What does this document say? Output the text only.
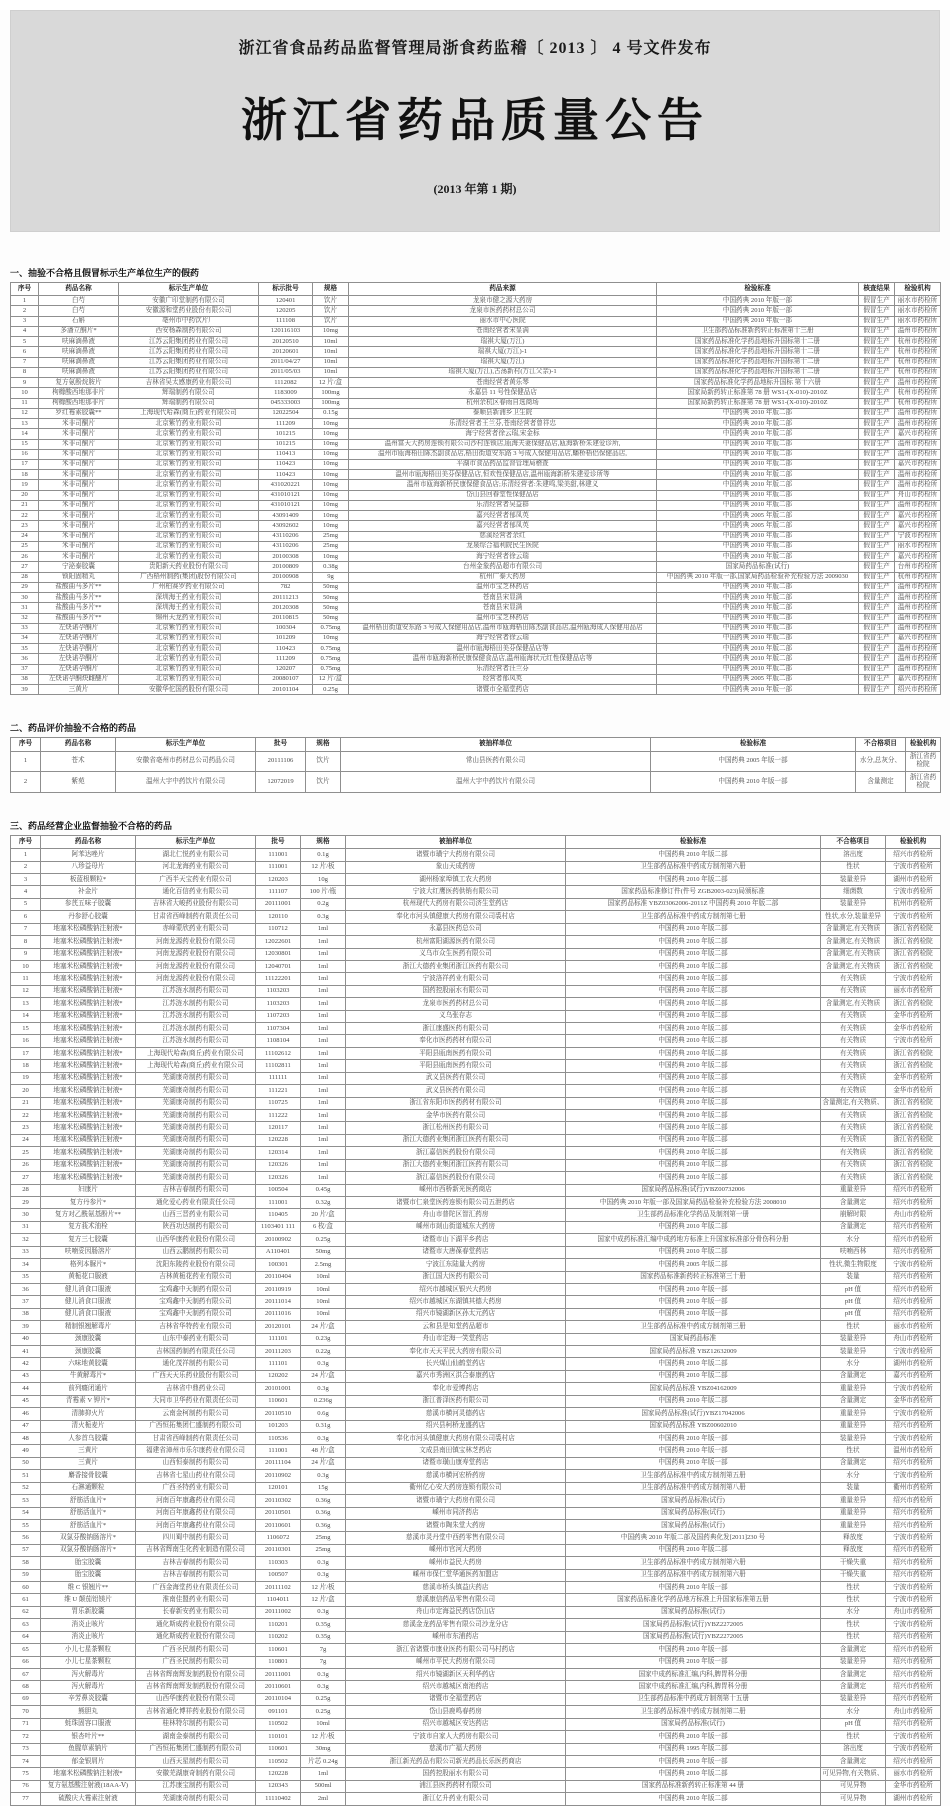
浙江省食品药品监督管理局浙食药监稽〔 2013 〕 4 号文件发布
浙江省药品质量公告
(2013 年第 1 期)
一、抽验不合格且假冒标示生产单位生产的假药
序号	药品名称	标示生产单位	标示批号	规格	药品来源	检验标准	核查结果	检验机构
1	白芍	安徽广印堂制药有限公司	120401	饮片	龙泉市健之源大药房	中国药典 2010 年版一部	假冒生产	丽水市药检所
2	白芍	安徽源和堂药业股份有限公司	120205	饮片	龙泉市医药药材总公司	中国药典 2010 年版一部	假冒生产	丽水市药检所
3	石斛	亳州市中药饮片厂	111108	饮片	丽水市中心医院	中国药典 2010 年版一部	假冒生产	丽水市药检所
4	多潘立酮片*	西安杨森制药有限公司	120116103	10mg	苍南经营者宋显满	卫生部药品标准新药转正标准第十三册	假冒生产	温州市药检所
5	呋麻滴鼻液	江苏云阳集团药业有限公司	20120510	10ml	瑞祺大厦(万江)	国家药品标准化学药品地标升国标第十二册	假冒生产	杭州市药检所
6	呋麻滴鼻液	江苏云阳集团药业有限公司	20120601	10ml	瑞祺大厦(万江)-1	国家药品标准化学药品地标升国标第十二册	假冒生产	杭州市药检所
7	呋麻滴鼻液	江苏云阳集团药业有限公司	2011/04/27	10ml	瑞祺大厦(万江)	国家药品标准化学药品地标升国标第十二册	假冒生产	杭州市药检所
8	呋麻滴鼻液	江苏云阳集团药业有限公司	2011/05/03	10ml	瑞祺大厦(万江),古荡新村(万江父亲)-1	国家药品标准化学药品地标升国标第十二册	假冒生产	杭州市药检所
9	复方氨酚烷胺片	吉林省吴太感康药业有限公司	1112082	12 片/盒	苍南经营者黄乐琴	国家药品标准化学药品地标升国标 第十六册	假冒生产	温州市药检所
10	枸橼酸西地那非片	辉瑞制药有限公司	1183009	100mg	永嘉县 11 号性保健品店	国家局新药转正标准第 78 册 WS1-(X-010)-2010Z	假冒生产	杭州市药检所
11	枸橼酸西地那非片	辉瑞制药有限公司	045333003	100mg	杭州余杭区春雨自选商场	国家局新药转正标准第 78 册 WS1-(X-010)-2010Z	假冒生产	杭州市药检所
12	罗红霉素胶囊**	上海现代哈森(商丘)药业有限公司	12022504	0.15g	泰顺县新浦乡卫生院	中国药典 2010 年版二部	假冒生产	温州市药检所
13	米非司酮片	北京紫竹药业有限公司	111209	10mg	乐清经营者王兰芬,苍南经营者曾祥忠	中国药典 2010 年版二部	假冒生产	温州市药检所
14	米非司酮片	北京紫竹药业有限公司	101215	10mg	海宁经营者徐云瑞,宋金标	中国药典 2010 年版二部	假冒生产	嘉兴市药检所
15	米非司酮片	北京紫竹药业有限公司	101215	10mg	温州富天大药房连锁有限公司沙村连锁店,瓯海夫妻保健品店,瓯海新桥朱建爱诊所,	中国药典 2010 年版二部	假冒生产	温州市药检所
16	米非司酮片	北京紫竹药业有限公司	110413	10mg	温州市瓯海梧田陈杰副食品店,梧田街道安东路 3 号成人保健用品店,蟠桥梧侣保健品店,	中国药典 2010 年版二部	假冒生产	温州市药检所
17	米非司酮片	北京紫竹药业有限公司	110423	10mg	平湖市食品药品监督管理局稽查	中国药典 2010 年版二部	假冒生产	嘉兴市药检所
18	米非司酮片	北京紫竹药业有限公司	110423	10mg	温州市瓯海梧田美芬保健品店,恒欢性保健品店,温州瓯海新桥朱建爱诊所等	中国药典 2010 年版二部	假冒生产	温州市药检所
19	米非司酮片	北京紫竹药业有限公司	431020221	10mg	温州市瓯海新桥民康保健食品店;乐清经营者:朱建鸣,梁美甜,林建义	中国药典 2010 年版二部	假冒生产	温州市药检所
20	米非司酮片	北京紫竹药业有限公司	431010121	10mg	岱山县回春堂性保健品店	中国药典 2010 年版二部	假冒生产	舟山市药检所
21	米非司酮片	北京紫竹药业有限公司	431010121	10mg	乐清经营者吴益群	中国药典 2010 年版二部	假冒生产	温州市药检所
22	米非司酮片	北京紫竹药业有限公司	43091409	10mg	嘉兴经营者郁凤英	中国药典 2005 年版二部	假冒生产	嘉兴市药检所
23	米非司酮片	北京紫竹药业有限公司	43092602	10mg	嘉兴经营者郁凤英	中国药典 2005 年版二部	假冒生产	嘉兴市药检所
24	米非司酮片	北京紫竹药业有限公司	43110206	25mg	慈溪经营者余红	中国药典 2010 年版二部	假冒生产	宁波市药检所
25	米非司酮片	北京紫竹药业有限公司	43110206	25mg	龙泉综合福利院民生医院	中国药典 2010 年版二部	假冒生产	丽水市药检所
26	米非司酮片	北京紫竹药业有限公司	20100308	10mg	海宁经营者徐云瑞	中国药典 2010 年版二部	假冒生产	嘉兴市药检所
27	宁泌泰胶囊	贵阳新天药业股份有限公司	20100809	0.38g	台州金象药品超市有限公司	国家局药品标准(试行)	假冒生产	台州市药检所
28	锁阳固精丸	广西梧州制药(集团)股份有限公司	20100908	9g	杭州广泰大药房	中国药典 2010 年版一部,国家局药品检验补充检验方法 2009030	假冒生产	杭州市药检所
29	盐酸曲马多片**	广州柏赛罗药业有限公司	782	50mg	温州市宝芝林药店	中国药典 2010 年版二部	假冒生产	温州市药检所
30	盐酸曲马多片**	深圳海王药业有限公司	20111213	50mg	苍南县宋显满	中国药典 2010 年版二部	假冒生产	温州市药检所
31	盐酸曲马多片**	深圳海王药业有限公司	20120308	50mg	苍南县宋显满	中国药典 2010 年版二部	假冒生产	温州市药检所
32	盐酸曲马多片**	锦州天龙药业有限公司	20110815	50mg	温州市宝芝林药店	中国药典 2010 年版二部	假冒生产	温州市药检所
33	左炔诺孕酮片	北京紫竹药业有限公司	100304	0.75mg	温州梧田街道安东路 3 号成人保健用品店,温州市瓯海梧田陈杰副食品店,温州瓯海成人保健用品店	中国药典 2010 年版二部	假冒生产	温州市药检所
34	左炔诺孕酮片	北京紫竹药业有限公司	101209	10mg	海宁经营者徐云瑞	中国药典 2010 年版二部	假冒生产	嘉兴市药检所
35	左炔诺孕酮片	北京紫竹药业有限公司	110423	0.75mg	温州市瓯海梧田美芬保健品店等	中国药典 2010 年版二部	假冒生产	温州市药检所
36	左炔诺孕酮片	北京紫竹药业有限公司	111209	0.75mg	温州市瓯海新桥民康保健食品店,温州瓯海状元红性保健品店等	中国药典 2010 年版二部	假冒生产	温州市药检所
37	左炔诺孕酮片	北京紫竹药业有限公司	120207	0.75mg	乐清经营者汪兰芬	中国药典 2010 年版二部	假冒生产	温州市药检所
38	左炔诺孕酮炔雌醚片	北京紫竹药业有限公司	20080107	12 片/盒	经营者郁凤英	中国药典 2005 年版二部	假冒生产	嘉兴市药检所
39	三黄片	安徽华佗国药股份有限公司	20101104	0.25g	诸暨市全福堂药店	中国药典 2010 年版一部	假冒生产	绍兴市药检所
二、药品评价抽验不合格的药品
序号	药品名称	标示生产单位	批号	规格	被抽样单位	检验标准	不合格项目	检验机构
1	苍术	安徽省亳州市药材总公司药品公司	20111106	饮片	常山县医药有限公司	中国药典 2005 年版一部	水分,总灰分、	浙江省药检院
2	紫苑	温州大宇中药饮片有限公司	12072019	饮片	温州大宇中药饮片有限公司	中国药典 2010 年版一部	含量测定	浙江省药检院
三、药品经营企业监督抽验不合格的药品
序号	药品名称	标示生产单位	批号	规格	被抽样单位	检验标准	不合格项目	检验机构
1	阿苯达唑片	湖北仁悦药业有限公司	111001	0.1g	诸暨市璜宁大药房有限公司	中国药典 2010 年版二部	溶出度	绍兴市药检所
2	八珍益母片	河北龙海药业有限公司	111001	12 片/板	象山天成药房	卫生部药品标准中药成方制剂第六册	性状	宁波市药检所
3	板蓝根颗粒*	广西半天宝药业有限公司	120203	10g	湖州杨家埠镇工农大药房	中国药典 2010 年版二部	装量差异	湖州市药检所
4	补金片	通化百信药业有限公司	111107	100 片/瓶	宁波大红鹰医药供销有限公司	国家药品标准修订件(件号 ZGB2003-023)局颁标准	细菌数	宁波市药检所
5	参芪五味子胶囊	吉林省大峻药业股份有限公司	20111001	0.2g	杭州现代大药房有限公司济生堂药店	国家药品标准 YBZ03062006-2011Z 中国药典 2010 年版二部	装量差异	杭州市药检所
6	丹参舒心胶囊	甘肃省西峰制药有限责任公司	120110	0.3g	奉化市河头镇健康大药房有限公司裘村店	卫生部药品标准中药成方制剂第七册	性状,水分,装量差异	宁波市药检所
7	地塞米松磷酸钠注射液*	赤峰蒙欣药业有限公司	110712	1ml	永嘉县医药总公司	中国药典 2010 年版二部	含量测定,有关物质	浙江省药检院
8	地塞米松磷酸钠注射液*	河南龙源药业股份有限公司	12022601	1ml	杭州富阳湖源医药有限公司	中国药典 2010 年版二部	含量测定,有关物质	浙江省药检院
9	地塞米松磷酸钠注射液*	河南龙源药业股份有限公司	12030801	1ml	义乌市众生医药有限公司	中国药典 2010 年版二部	含量测定,有关物质	浙江省药检院
10	地塞米松磷酸钠注射液*	河南龙源药业股份有限公司	12040701	1ml	浙江大德药业集团浙江医药有限公司	中国药典 2010 年版二部	含量测定,有关物质	浙江省药检院
11	地塞米松磷酸钠注射液*	河南龙源药业股份有限公司	11122201	1ml	宁波洛祥药业有限公司	中国药典 2010 年版二部	有关物质	宁波市药检所
12	地塞米松磷酸钠注射液*	江苏涟水制药有限公司	1103203	1ml	国药控股丽水有限公司	中国药典 2010 年版二部	有关物质	丽水市药检所
13	地塞米松磷酸钠注射液*	江苏涟水制药有限公司	1103203	1ml	龙泉市医药药材总公司	中国药典 2010 年版二部	含量测定,有关物质	浙江省药检院
14	地塞米松磷酸钠注射液*	江苏涟水制药有限公司	1107203	1ml	义乌张存志	中国药典 2010 年版二部	有关物质	金华市药检所
15	地塞米松磷酸钠注射液*	江苏涟水制药有限公司	1107304	1ml	浙江康盛医药有限公司	中国药典 2010 年版二部	有关物质	金华市药检所
16	地塞米松磷酸钠注射液*	江苏涟水制药有限公司	1108104	1ml	奉化市医药药材有限公司	中国药典 2010 年版二部	有关物质	宁波市药检所
17	地塞米松磷酸钠注射液*	上海现代哈森(商丘)药业有限公司	11102612	1ml	平阳县瓯南医药有限公司	中国药典 2010 年版二部	有关物质	浙江省药检院
18	地塞米松磷酸钠注射液*	上海现代哈森(商丘)药业有限公司	11102811	1ml	平阳县瓯南医药有限公司	中国药典 2010 年版二部	有关物质	浙江省药检院
19	地塞米松磷酸钠注射液*	芜湖康奇制药有限公司	111111	1ml	武义县医药有限公司	中国药典 2010 年版二部	有关物质	金华市药检所
20	地塞米松磷酸钠注射液*	芜湖康奇制药有限公司	111221	1ml	武义县医药有限公司	中国药典 2010 年版二部	有关物质	金华市药检所
21	地塞米松磷酸钠注射液*	芜湖康奇制药有限公司	110725	1ml	浙江省东阳市医药药材有限公司	中国药典 2010 年版二部	含量测定,有关物质、	浙江省药检院
22	地塞米松磷酸钠注射液*	芜湖康奇制药有限公司	111222	1ml	金华市医药有限公司	中国药典 2010 年版二部	有关物质	浙江省药检院
23	地塞米松磷酸钠注射液*	芜湖康奇制药有限公司	120117	1ml	浙江松州医药有限公司	中国药典 2010 年版二部	有关物质	浙江省药检院
24	地塞米松磷酸钠注射液*	芜湖康奇制药有限公司	120228	1ml	浙江大德药业集团浙江医药有限公司	中国药典 2010 年版二部	有关物质	浙江省药检院
25	地塞米松磷酸钠注射液*	芜湖康奇制药有限公司	120314	1ml	浙江嘉信医药股份有限公司	中国药典 2010 年版二部	有关物质	浙江省药检院
26	地塞米松磷酸钠注射液*	芜湖康奇制药有限公司	120326	1ml	浙江大德药业集团浙江医药有限公司	中国药典 2010 年版二部	有关物质	浙江省药检院
27	地塞米松磷酸钠注射液*	芜湖康奇制药有限公司	120326	1ml	浙江嘉信医药股份有限公司	中国药典 2010 年版二部	有关物质	浙江省药检院
28	妇康片	吉林吉春制药有限公司	100504	0.45g	嵊州市西桥新光医药商店	国家局药品标准(试行)YBZ00732006	重量差异	绍兴市药检所
29	复方丹参片*	通化爱心药业有限责任公司	111001	0.32g	诸暨市仁泉堂医药连锁有限公司五泄药店	中国药典 2010 年版一部及国家局药品检验补充检验方法 2008010	含量测定	绍兴市药检所
30	复方对乙酰氨基酚片**	山西三晋药业有限公司	110405	20 片/盒	舟山市普陀区智汇药房	卫生部药品标准化学药品及制剂第一册	崩解时限	舟山市药检所
31	复方莪术油栓	陕西功达制药有限公司	1103401 111	6 枚/盒	嵊州市剡山街道城东大药房	中国药典 2010 年版二部	含量测定	绍兴市药检所
32	复方三七胶囊	山西华康药业股份有限公司	20100902	0.25g	诸暨市山下湖平乡药店	国家中成药标准汇编中成药地方标准上升国家标准部分骨伤科分册	水分	绍兴市药检所
33	呋喃妥因肠溶片	山西云鹏制药有限公司	A110401	50mg	诸暨市大唐葆春堂药店	中国药典 2010 年版二部	呋喃西林	绍兴市药检所
34	格列本脲片*	沈阳东陵药业股份有限公司	100301	2.5mg	宁波江东陆量大药房	中国药典 2005 年版二部	性状,微生物限度	宁波市药检所
35	黄栀花口服液	吉林黄栀花药业有限公司	20110404	10ml	浙江国大医药有限公司	国家药品标准新药转正标准第三十册	装量	绍兴市药检所
36	健儿消食口服液	宝鸡鑫中天制药有限公司	20110919	10ml	绍兴市越城区银兴大药房	中国药典 2010 年版一部	pH 值	绍兴市药检所
37	健儿消食口服液	宝鸡鑫中天制药有限公司	20111014	10ml	绍兴市越城区东湖镇其德大药房	中国药典 2010 年版一部	pH 值	绍兴市药检所
38	健儿消食口服液	宝鸡鑫中天制药有限公司	20111016	10ml	绍兴市镜湖新区孙太元药店	中国药典 2010 年版一部	pH 值	绍兴市药检所
39	精制银翘解毒片	吉林省华特药业有限公司	20120101	24 片/盒	云和县是知堂药品超市	卫生部药品标准中药成方制剂第三册	性状	丽水市药检所
40	颈康胶囊	山东中泰药业有限公司	111101	0.23g	舟山市定海一笑堂药店	国家局药品标准	装量差异	舟山市药检所
41	颈康胶囊	吉林国药制药有限责任公司	20111203	0.22g	奉化市天天平民大药房有限公司	国家局药品标准 YBZ12632009	装量差异	宁波市药检所
42	六味地黄胶囊	通化茂祥制药有限公司	111101	0.3g	长兴煤山仙鹤堂药店	中国药典 2010 年版二部	水分	湖州市药检所
43	牛黄解毒片*	广西天天乐药业股份有限公司	120202	24 片/盒	嘉兴市秀洲区洪合泰康药店	中国药典 2010 年版二部	含量测定	嘉兴市药检所
44	前列癃闭通片	吉林省中鼎药业公司	20101001	0.3g	奉化市爱博药店	国家局药品标准 YBZ04162009	重量差异	宁波市药检所
45	青霉素 V 钾片*	大同市卫华药业有限责任公司	110601	0.236g	浙江普泽医药有限公司	中国药典 2010 年版二部	含量测定	金华市药检所
46	清肺抑火片	云南金柯制药有限公司	20110510	0.6g	慈溪市横河灵德药店	国家局药品标准(试行)YBZ17042006	重量差异	宁波市药检所
47	清火栀麦片	广西恒拓集团仁盛制药有限公司	101203	0.31g	绍兴县柯桥龙盛药店	国家局药品标准 YBZ00602010	重量差异	绍兴市药检所
48	人参首乌胶囊	甘肃省西峰制药有限责任公司	110536	0.3g	奉化市河头镇健康大药房有限公司裘村店	中国药典 2010 年版一部	装量差异	宁波市药检所
49	三黄片	福建省漳州市乐尔康药业有限公司	111001	48 片/盒	文成县南田镇宝林芝药店	中国药典 2010 年版一部	性状	温州市药检所
50	三黄片	山西恒泰制药有限公司	20111104	24 片/盒	诸暨市璜山康寿堂药店	中国药典 2010 年版一部	含量测定	绍兴市药检所
51	麝香接骨胶囊	吉林省七星山药业有限公司	20110902	0.3g	慈溪市横河宏桥药房	卫生部药品标准中药成方制剂第五册	水分	宁波市药检所
52	石淋通颗粒	广西圣特药业有限公司	120101	15g	衢州亿心安大药房连锁有限公司	卫生部药品标准中药成方制剂第八册	装量	衢州市药检所
53	舒筋活血片*	河南百年康鑫药业有限公司	20110302	0.36g	诸暨市璜宁大药房有限公司	国家局药品标准(试行)	重量差异	绍兴市药检所
54	舒筋活血片*	河南百年康鑫药业有限公司	20110501	0.36g	嵊州市同济药店	国家局药品标准(试行)	重量差异	绍兴市药检所
55	舒筋活血片*	河南百年康鑫药业有限公司	20110601	0.36g	诸暨市陶朱堂大药房	国家局药品标准(试行)	重量差异	绍兴市药检所
56	双氯芬酸钠肠溶片*	四川蜀中制药有限公司	1106072	25mg	慈溪市灵丹堂中西药零售有限公司	中国药典 2010 年版二部及国药典化发[2011]230 号	释放度	宁波市药检所
57	双氯芬酸钠肠溶片*	吉林省辉南生化药业制造有限公司	20110301	25mg	嵊州市官河大药房	中国药典 2010 年版二部	释放度	绍兴市药检所
58	胎宝胶囊	吉林吉春制药有限公司	110303	0.3g	嵊州市益民大药房	卫生部药品标准中药成方制剂第六册	干燥失重	绍兴市药检所
59	胎宝胶囊	吉林吉春制药有限公司	100507	0.3g	嵊州市保仁堂华通医药加盟店	卫生部药品标准中药成方制剂第六册	干燥失重	绍兴市药检所
60	维 C 银翘片**	广西金海堂药业有限责任公司	20111102	12 片/板	慈溪市桥头镇益庆药店	中国药典 2010 年版一部	性状	宁波市药检所
61	维 U 颠茄铝镁片	淮南佳盟药业有限公司	1104011	12 片/盒	慈溪康信药品零售有限公司	国家药品标准化学药品地方标准上升国家标准第五册	性状	宁波市药检所
62	胃乐新胶囊	长春新安药业有限公司	20111002	0.3g	舟山市定海益民药店岱山店	国家局药品标准(试行)	水分	舟山市药检所
63	消炎止咳片	通化斯威药业股份有限公司	110201	0.35g	慈溪金龙药品零售有限公司沙龙分店	国家局药品标准(试行)YBZ2272005	性状	宁波市药检所
64	消炎止咳片	通化斯威药业股份有限公司	110202	0.35g	嵊州市东浦药店	国家局药品标准(试行)YBZ2272005	性状	绍兴市药检所
65	小儿七星茶颗粒	广西圣民制药有限公司	110601	7g	浙江省诸暨市康业医药有限公司马村药店	中国药典 2010 年版一部	含量测定	绍兴市药检所
66	小儿七星茶颗粒	广西圣民制药有限公司	110801	7g	嵊州市平民大药房有限公司	中国药典 2010 年版一部	装量差异	绍兴市药检所
67	泻火解毒片	吉林省辉南辉发制药股份有限公司	20111001	0.3g	绍兴市镜湖新区天利华药店	国家中成药标准汇编,内科,脾胃科分册	含量测定	绍兴市药检所
68	泻火解毒片	吉林省辉南辉发制药股份有限公司	20110601	0.3g	绍兴市越城区南池药店	国家中成药标准汇编,内科,脾胃科分册	含量测定	绍兴市药检所
69	辛芳鼻炎胶囊	山西华康药业股份有限公司	20110104	0.25g	诸暨市全福堂药店	卫生部药品标准中药成方制剂第十五册	装量差异	绍兴市药检所
70	熊胆丸	吉林省通化博祥药业股份有限公司	091101	0.25g	岱山县鹿鸣春药房	卫生部药品标准中药成方制剂第二册	水分	舟山市药检所
71	蚝珠固容口服液	桂林特尔制药有限公司	110502	10ml	绍兴市越城区安达药店	国家局药品标准(试行)	pH 值	绍兴市药检所
72	银杏叶片**	湖南金泰制药有限公司	110101	12 片/板	宁波市自家人大药房有限公司	中国药典 2010 年版一部	性状	宁波市药检所
73	鱼腥草素钠片	广西恒拓集团仁盛制药有限公司	110601	30mg	慈溪市广福大药房	中国药典 1995 年版二部	溶出度	宁波市药检所
74	郁金银屑片	山西天星制药有限公司	110502	片芯 0.24g	浙江新光药品有限公司新光药品长乐医药商店	中国药典 2010 年版一部	含量测定	绍兴市药检所
75	地塞米松磷酸钠注射液*	安徽芜湖康奇制药有限公司	120228	1ml	国药控股丽水有限公司	中国药典 2010 年版二部	可见异物,有关物质、	丽水市药检所
76	复方氨基酸注射液(18AA-Ⅴ)	江苏康宝制药有限公司	120343	500ml	浦江县医药药材有限公司	国家药品标准新药转正标准第 44 册	可见异物	金华市药检所
77	硫酸庆大霉素注射液	芜湖康奇制药有限公司	11110402	2ml	浙江亿升药业有限公司	中国药典 2010 年版二部	可见异物	湖州市药检所
